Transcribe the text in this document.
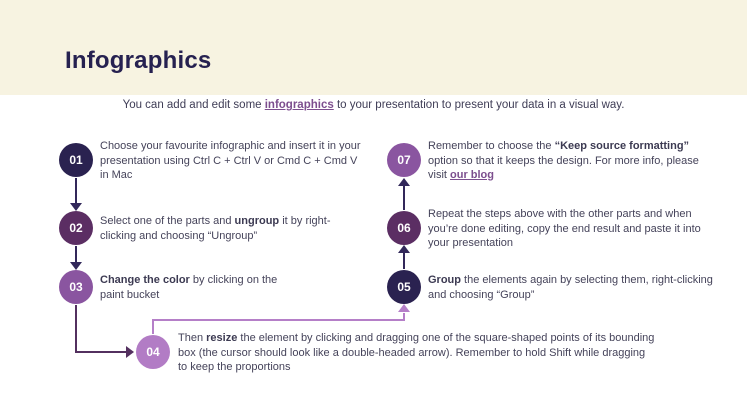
Infographics

You can add and edit some infographics to your presentation to present your data in a visual way.

01
Choose your favourite infographic and insert it in your presentation using Ctrl C + Ctrl V or Cmd C + Cmd V in Mac
02 Select one of the parts and ungroup it by right-clicking and choosing “Ungroup”
03 Change the color by clicking on the paint bucket
04
Then resize the element by clicking and dragging one of the square-shaped points of its bounding box (the cursor should look like a double-headed arrow). Remember to hold Shift while dragging to keep the proportions
05 Group the elements again by selecting them, right-clicking and choosing “Group”
06
Repeat the steps above with the other parts and when you’re done editing, copy the end result and paste it into your presentation
07
Remember to choose the “Keep source formatting” option so that it keeps the design. For more info, please visit our blog
